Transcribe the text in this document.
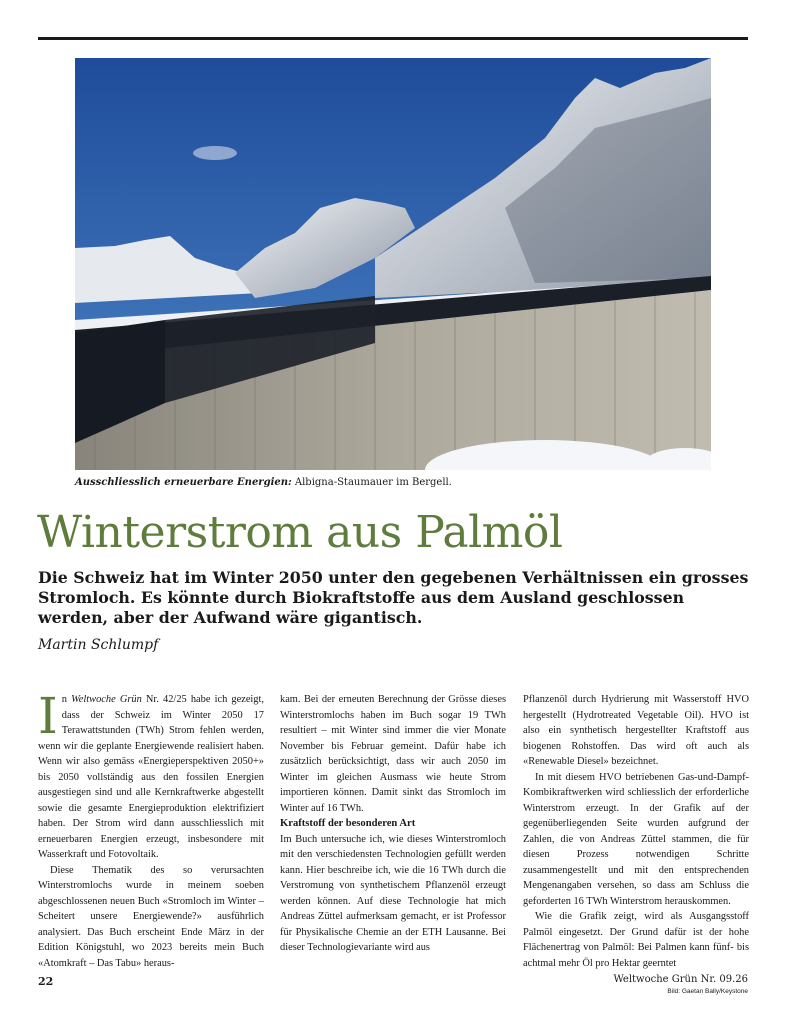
Ausschliesslich erneuerbare Energien: Albigna-Staumauer im Bergell.
Winterstrom aus Palmöl
Die Schweiz hat im Winter 2050 unter den gegebenen Verhältnissen ein grosses Stromloch. Es könnte durch Biokraftstoffe aus dem Ausland geschlossen werden, aber der Aufwand wäre gigantisch.
Martin Schlumpf

In Weltwoche Grün Nr. 42/25 habe ich gezeigt, dass der Schweiz im Winter 2050 17 Terawattstunden (TWh) Strom fehlen werden, wenn wir die geplante Energiewende realisiert haben. Wenn wir also gemäss «Energieperspektiven 2050+» bis 2050 vollständig aus den fossilen Energien ausgestiegen sind und alle Kernkraftwerke abgestellt sowie die gesamte Energieproduktion elektrifiziert haben. Der Strom wird dann ausschliesslich mit erneuerbaren Energien erzeugt, insbesondere mit Wasserkraft und Fotovoltaik.

Diese Thematik des so verursachten Winterstromlochs wurde in meinem soeben abgeschlossenen neuen Buch «Stromloch im Winter – Scheitert unsere Energiewende?» ausführlich analysiert. Das Buch erscheint Ende März in der Edition Königstuhl, wo 2023 bereits mein Buch «Atomkraft – Das Tabu» heraus-

kam. Bei der erneuten Berechnung der Grösse dieses Winterstromlochs haben im Buch sogar 19 TWh resultiert – mit Winter sind immer die vier Monate November bis Februar gemeint. Dafür habe ich zusätzlich berücksichtigt, dass wir auch 2050 im Winter im gleichen Ausmass wie heute Strom importieren können. Damit sinkt das Stromloch im Winter auf 16 TWh.

Kraftstoff der besonderen Art

Im Buch untersuche ich, wie dieses Winterstromloch mit den verschiedensten Technologien gefüllt werden kann. Hier beschreibe ich, wie die 16 TWh durch die Verstromung von synthetischem Pflanzenöl erzeugt werden können. Auf diese Technologie hat mich Andreas Züttel aufmerksam gemacht, er ist Professor für Physikalische Chemie an der ETH Lausanne. Bei dieser Technologievariante wird aus

Pflanzenöl durch Hydrierung mit Wasserstoff HVO hergestellt (Hydrotreated Vegetable Oil). HVO ist also ein synthetisch hergestellter Kraftstoff aus biogenen Rohstoffen. Das wird oft auch als «Renewable Diesel» bezeichnet.

In mit diesem HVO betriebenen Gas-und-Dampf-Kombikraftwerken wird schliesslich der erforderliche Winterstrom erzeugt. In der Grafik auf der gegenüberliegenden Seite wurden aufgrund der Zahlen, die von Andreas Züttel stammen, die für diesen Prozess notwendigen Schritte zusammengestellt und mit den entsprechenden Mengenangaben versehen, so dass am Schluss die geforderten 16 TWh Winterstrom herauskommen.

Wie die Grafik zeigt, wird als Ausgangsstoff Palmöl eingesetzt. Der Grund dafür ist der hohe Flächenertrag von Palmöl: Bei Palmen kann fünf- bis achtmal mehr Öl pro Hektar geerntet

22	Weltwoche Grün Nr. 09.26
Bild: Gaetan Bally/Keystone
